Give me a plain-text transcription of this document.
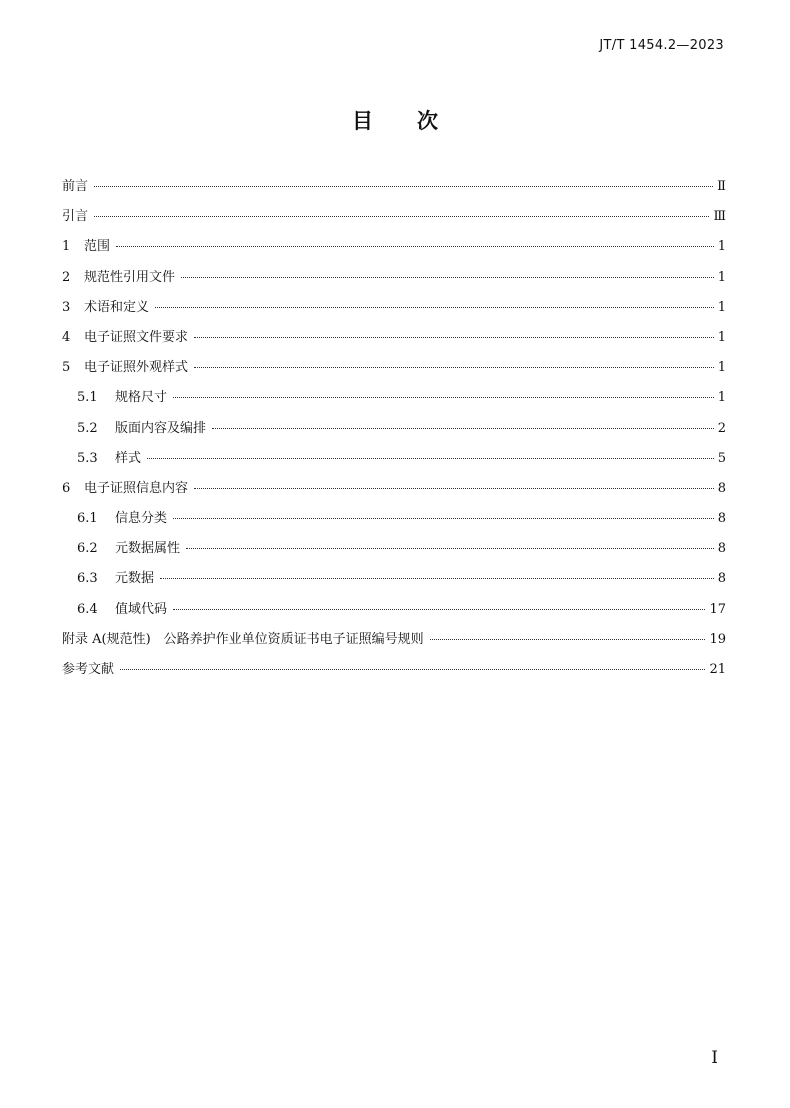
JT/T 1454.2—2023
目 次
前言	Ⅱ
引言	Ⅲ
1	范围	1
2	规范性引用文件	1
3	术语和定义	1
4	电子证照文件要求	1
5	电子证照外观样式	1
5.1	规格尺寸	1
5.2	版面内容及编排	2
5.3	样式	5
6	电子证照信息内容	8
6.1	信息分类	8
6.2	元数据属性	8
6.3	元数据	8
6.4	值域代码	17
附录 A(规范性)　公路养护作业单位资质证书电子证照编号规则	19
参考文献	21
I
